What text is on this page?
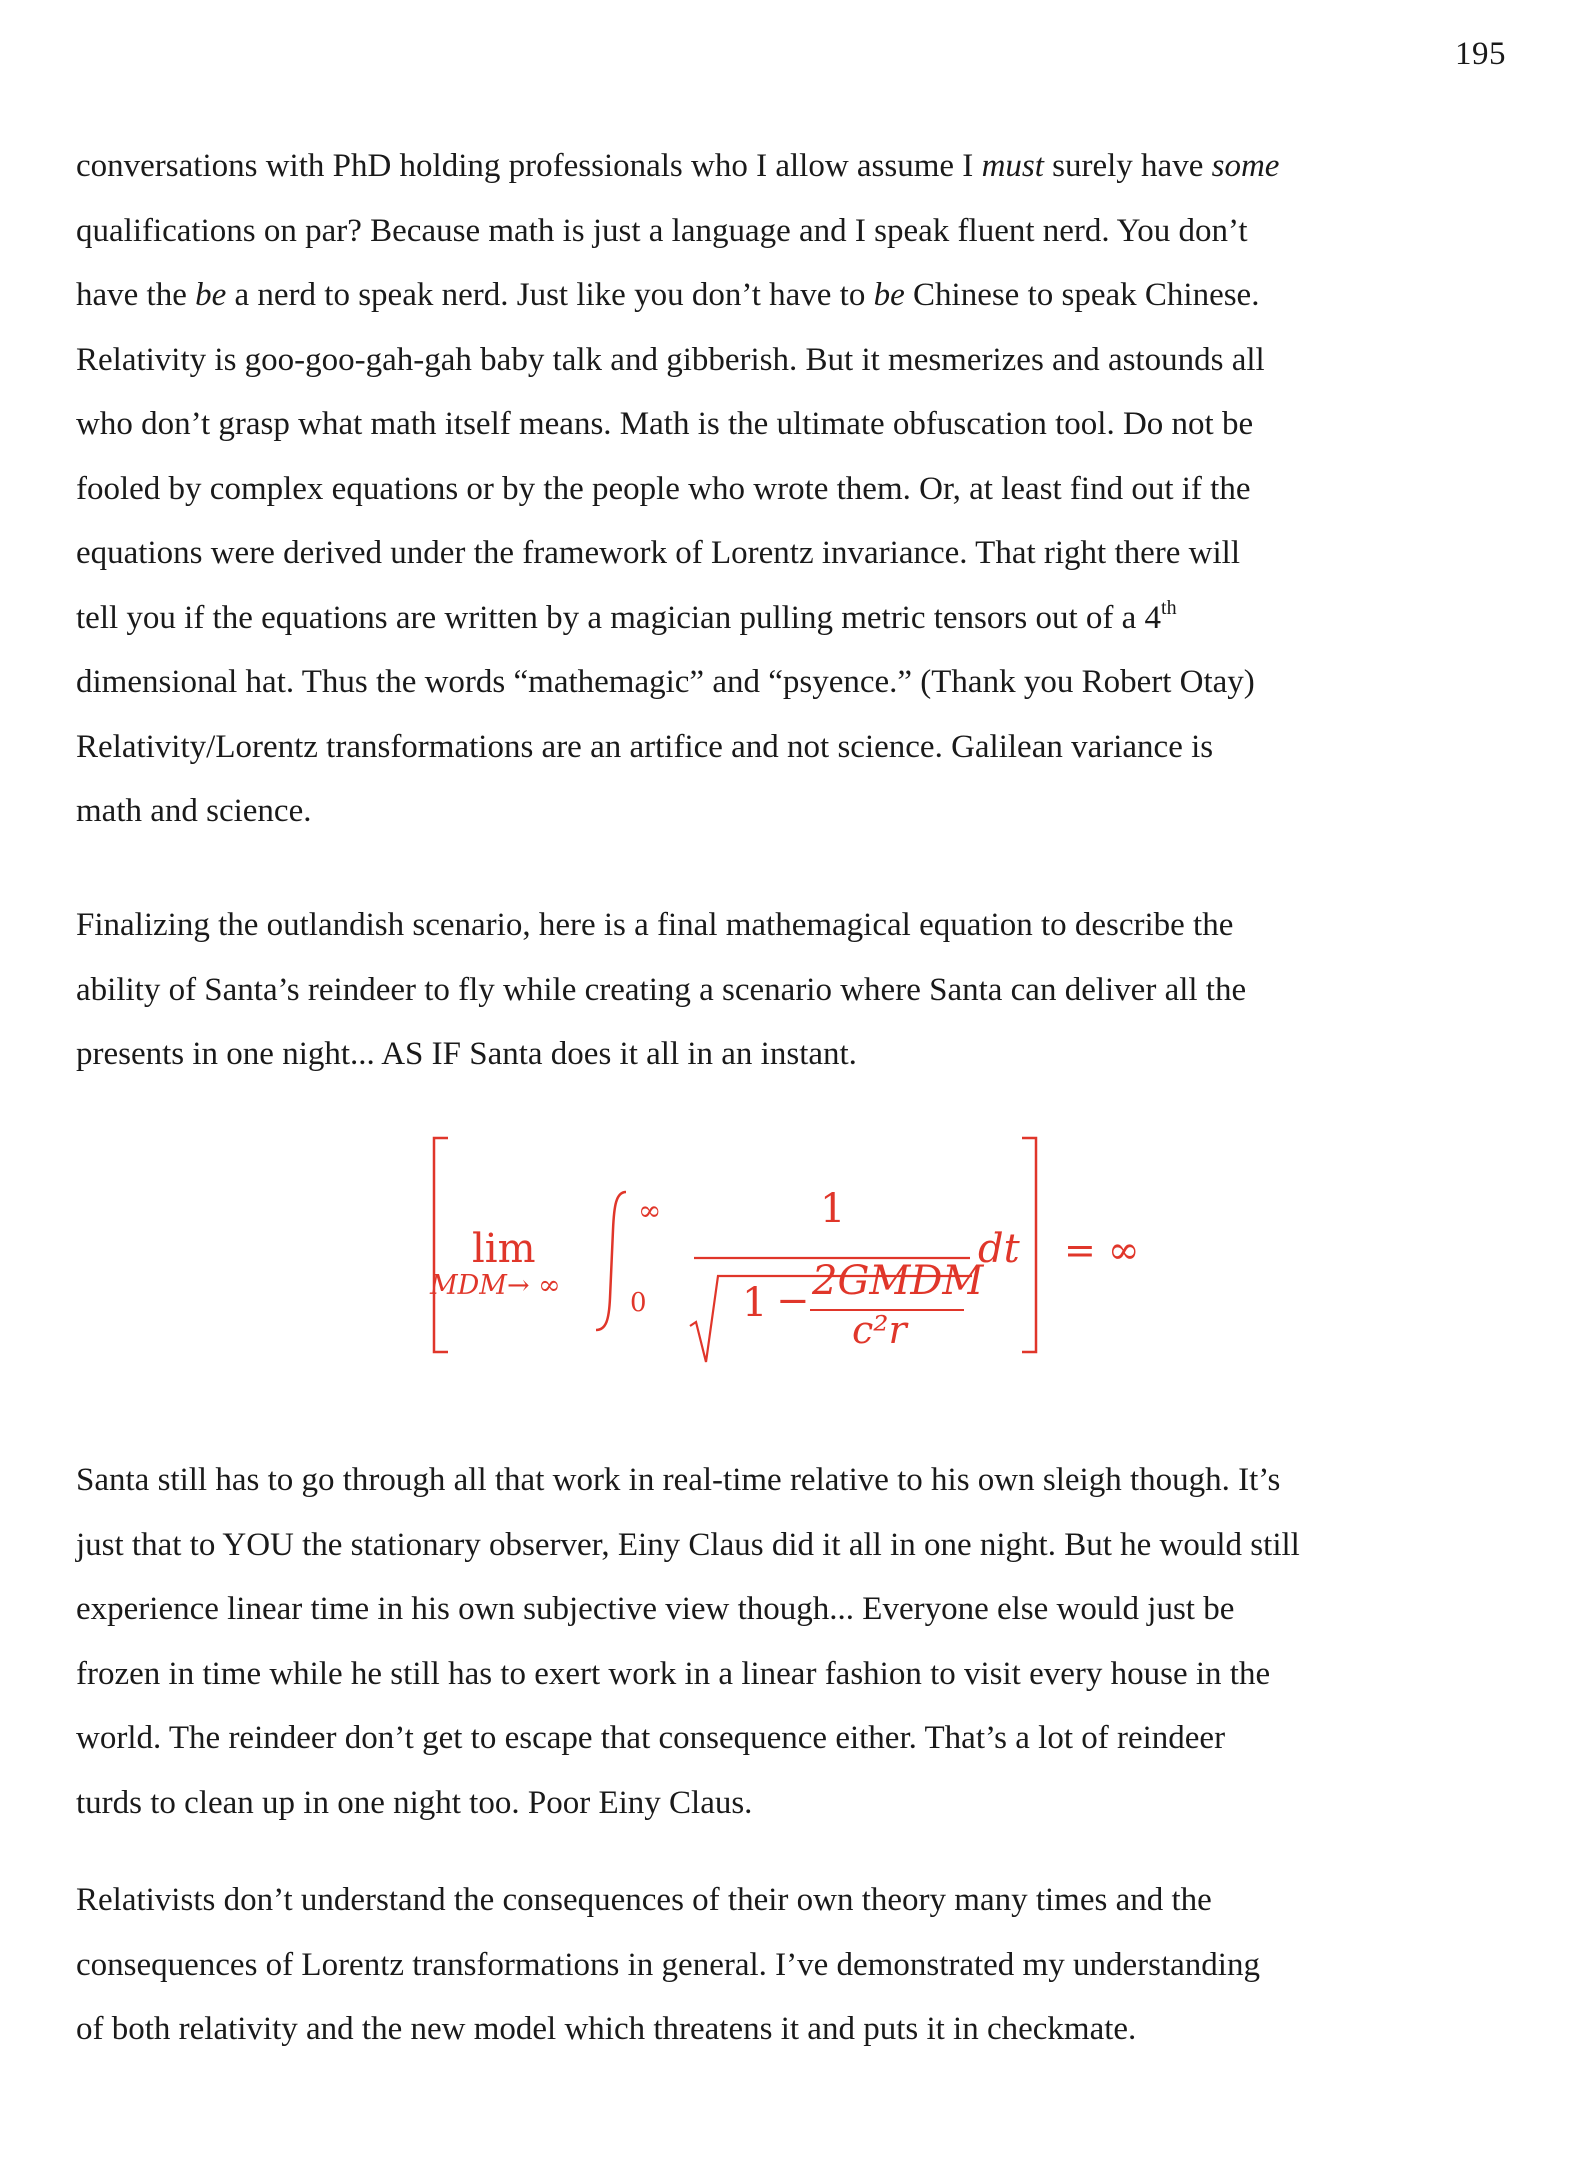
195
conversations with PhD holding professionals who I allow assume I must surely have some
qualifications on par? Because math is just a language and I speak fluent nerd. You don’t
have the be a nerd to speak nerd. Just like you don’t have to be Chinese to speak Chinese.
Relativity is goo-goo-gah-gah baby talk and gibberish. But it mesmerizes and astounds all
who don’t grasp what math itself means. Math is the ultimate obfuscation tool. Do not be
fooled by complex equations or by the people who wrote them. Or, at least find out if the
equations were derived under the framework of Lorentz invariance. That right there will
tell you if the equations are written by a magician pulling metric tensors out of a 4th
dimensional hat. Thus the words “mathemagic” and “psyence.” (Thank you Robert Otay)
Relativity/Lorentz transformations are an artifice and not science. Galilean variance is
math and science.
Finalizing the outlandish scenario, here is a final mathemagical equation to describe the
ability of Santa’s reindeer to fly while creating a scenario where Santa can deliver all the
presents in one night... AS IF Santa does it all in an instant.
lim
MDM→ ∞
∞
0
1
1 − 2GMDM
c²r
dt = ∞
Santa still has to go through all that work in real-time relative to his own sleigh though. It’s
just that to YOU the stationary observer, Einy Claus did it all in one night. But he would still
experience linear time in his own subjective view though... Everyone else would just be
frozen in time while he still has to exert work in a linear fashion to visit every house in the
world. The reindeer don’t get to escape that consequence either. That’s a lot of reindeer
turds to clean up in one night too. Poor Einy Claus.
Relativists don’t understand the consequences of their own theory many times and the
consequences of Lorentz transformations in general. I’ve demonstrated my understanding
of both relativity and the new model which threatens it and puts it in checkmate.
